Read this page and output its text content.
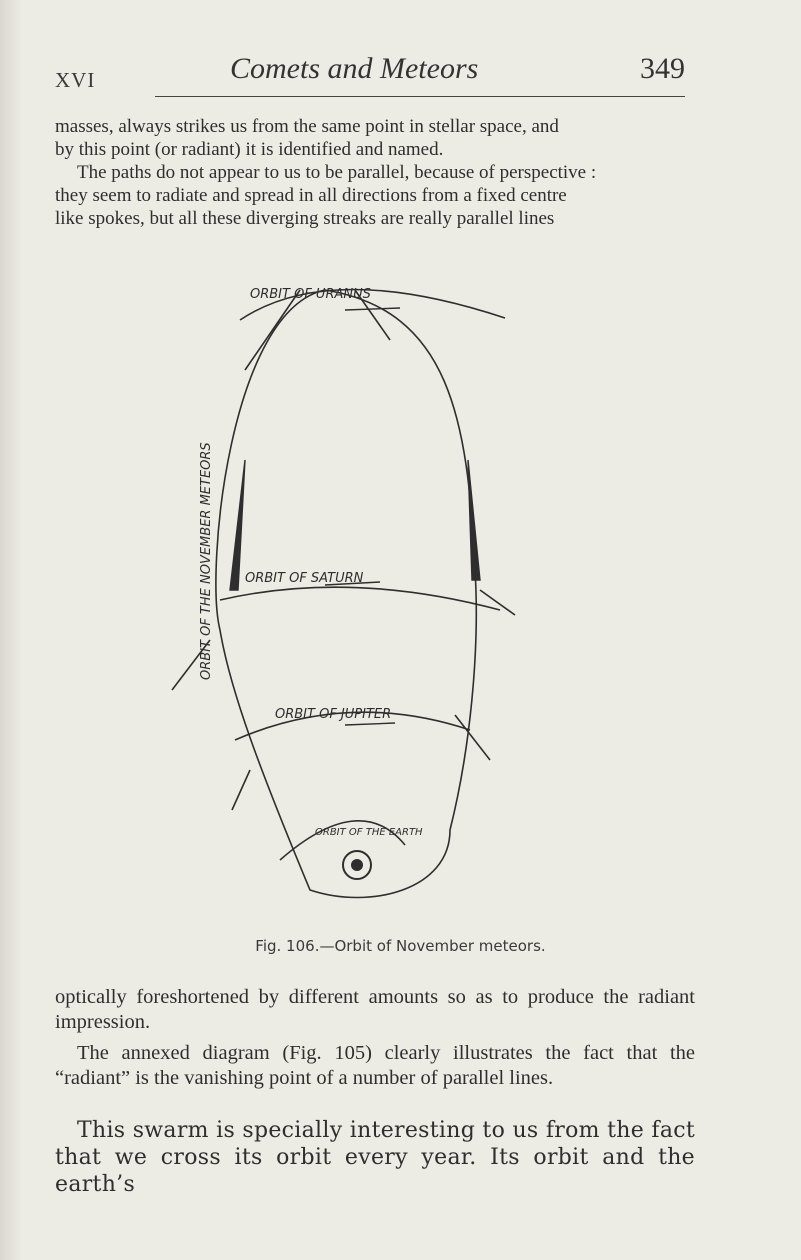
XVI	Comets and Meteors	349

masses, always strikes us from the same point in stellar space, and

by this point (or radiant) it is identified and named.

The paths do not appear to us to be parallel, because of perspective :

they seem to radiate and spread in all directions from a fixed centre

like spokes, but all these diverging streaks are really parallel lines

ORBIT OF URANUS
ORBIT OF SATURN
ORBIT OF JUPITER
ORBIT OF THE EARTH
ORBIT OF THE NOVEMBER METEORS
Fig. 106.—Orbit of November meteors.

optically foreshortened by different amounts so as to produce the radiant impression.

The annexed diagram (Fig. 105) clearly illustrates the fact that the “radiant” is the vanishing point of a number of parallel lines.

This swarm is specially interesting to us from the fact that we cross its orbit every year. Its orbit and the earth’s
